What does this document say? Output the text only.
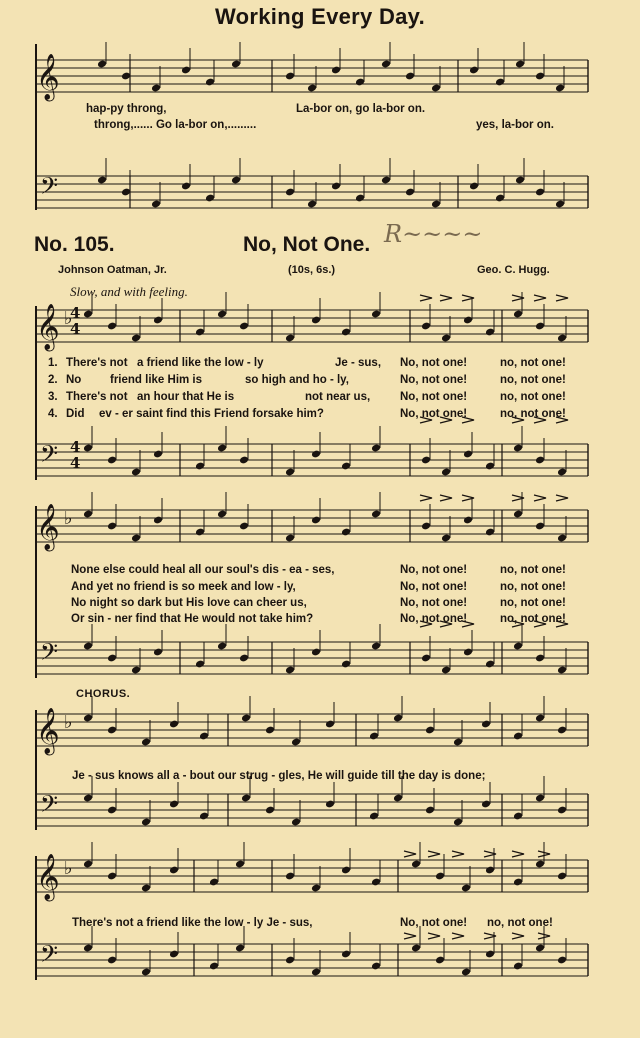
Working Every Day.
𝄞
𝄢
𝄞 ♭
𝄢
𝄞 ♭
𝄢
𝄞 ♭
𝄢
𝄞 ♭
𝄢
4
4
4
4
hap-py throng,	La-bor on, go la-bor on.
throng,...... Go la-bor on,.........	yes, la-bor on.
No. 105.	No, Not One. R~~~~
Johnson Oatman, Jr.	(10s, 6s.)	Geo. C. Hugg.
Slow, and with feeling.
1. There's not a friend like the low - ly	Je - sus, No, not one!	no, not one!
2. No friend like Him is	so high and ho - ly,	No, not one!	no, not one!
3. There's not an hour that He is	not near us,	No, not one!	no, not one!
4. Did ev - er saint find this Friend forsake him?	No, not one!	no, not one!
None else could heal all our soul's dis - ea - ses,	No, not one!	no, not one!
And yet no friend is so meek and low - ly,	No, not one!	no, not one!
No night so dark but His love can cheer us,	No, not one!	no, not one!
Or sin - ner find that He would not take him?	No, not one!	no, not one!
CHORUS.
Je - sus knows all a - bout our strug - gles, He will guide till the day is done;
There's not a friend like the low - ly Je - sus,	No, not one! no, not one!
